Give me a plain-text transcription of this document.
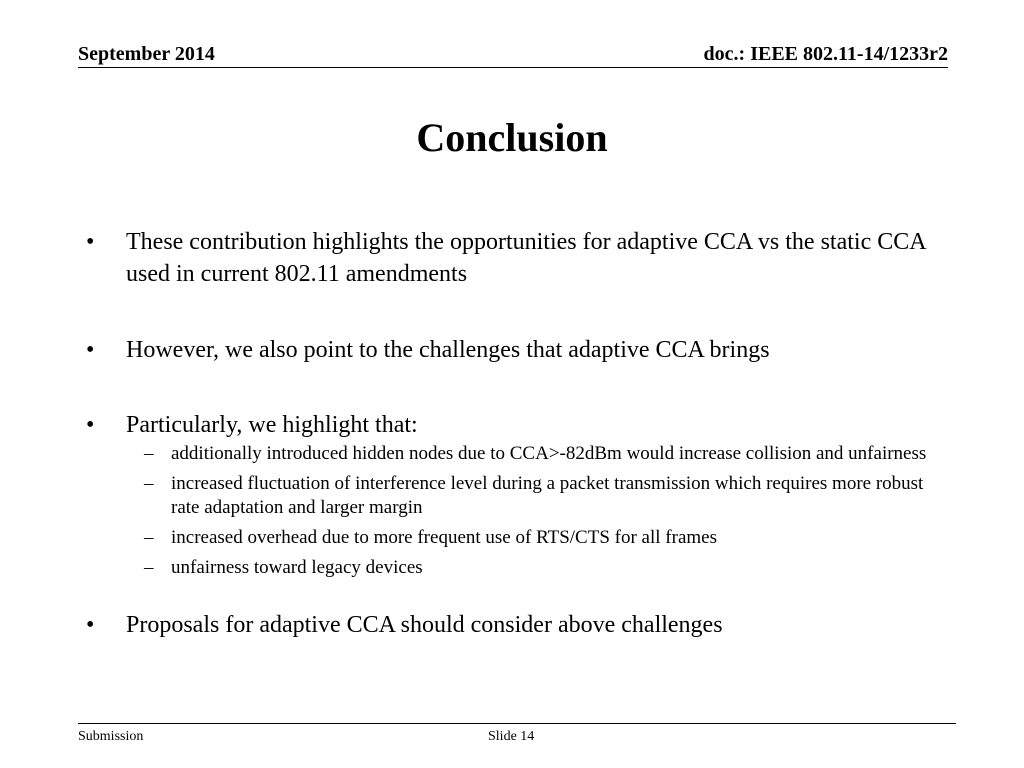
September 2014	doc.: IEEE 802.11-14/1233r2
Conclusion
•	These contribution highlights the opportunities for adaptive CCA vs the static CCA used in current 802.11 amendments
•	However, we also point to the challenges that adaptive CCA brings
•	Particularly, we highlight that:
– additionally introduced hidden nodes due to CCA>-82dBm would increase collision and unfairness
– increased fluctuation of interference level during a packet transmission which requires more robust rate adaptation and larger margin
– increased overhead due to more frequent use of RTS/CTS for all frames
– unfairness toward legacy devices
•	Proposals for adaptive CCA should consider above challenges
Submission	Slide 14
